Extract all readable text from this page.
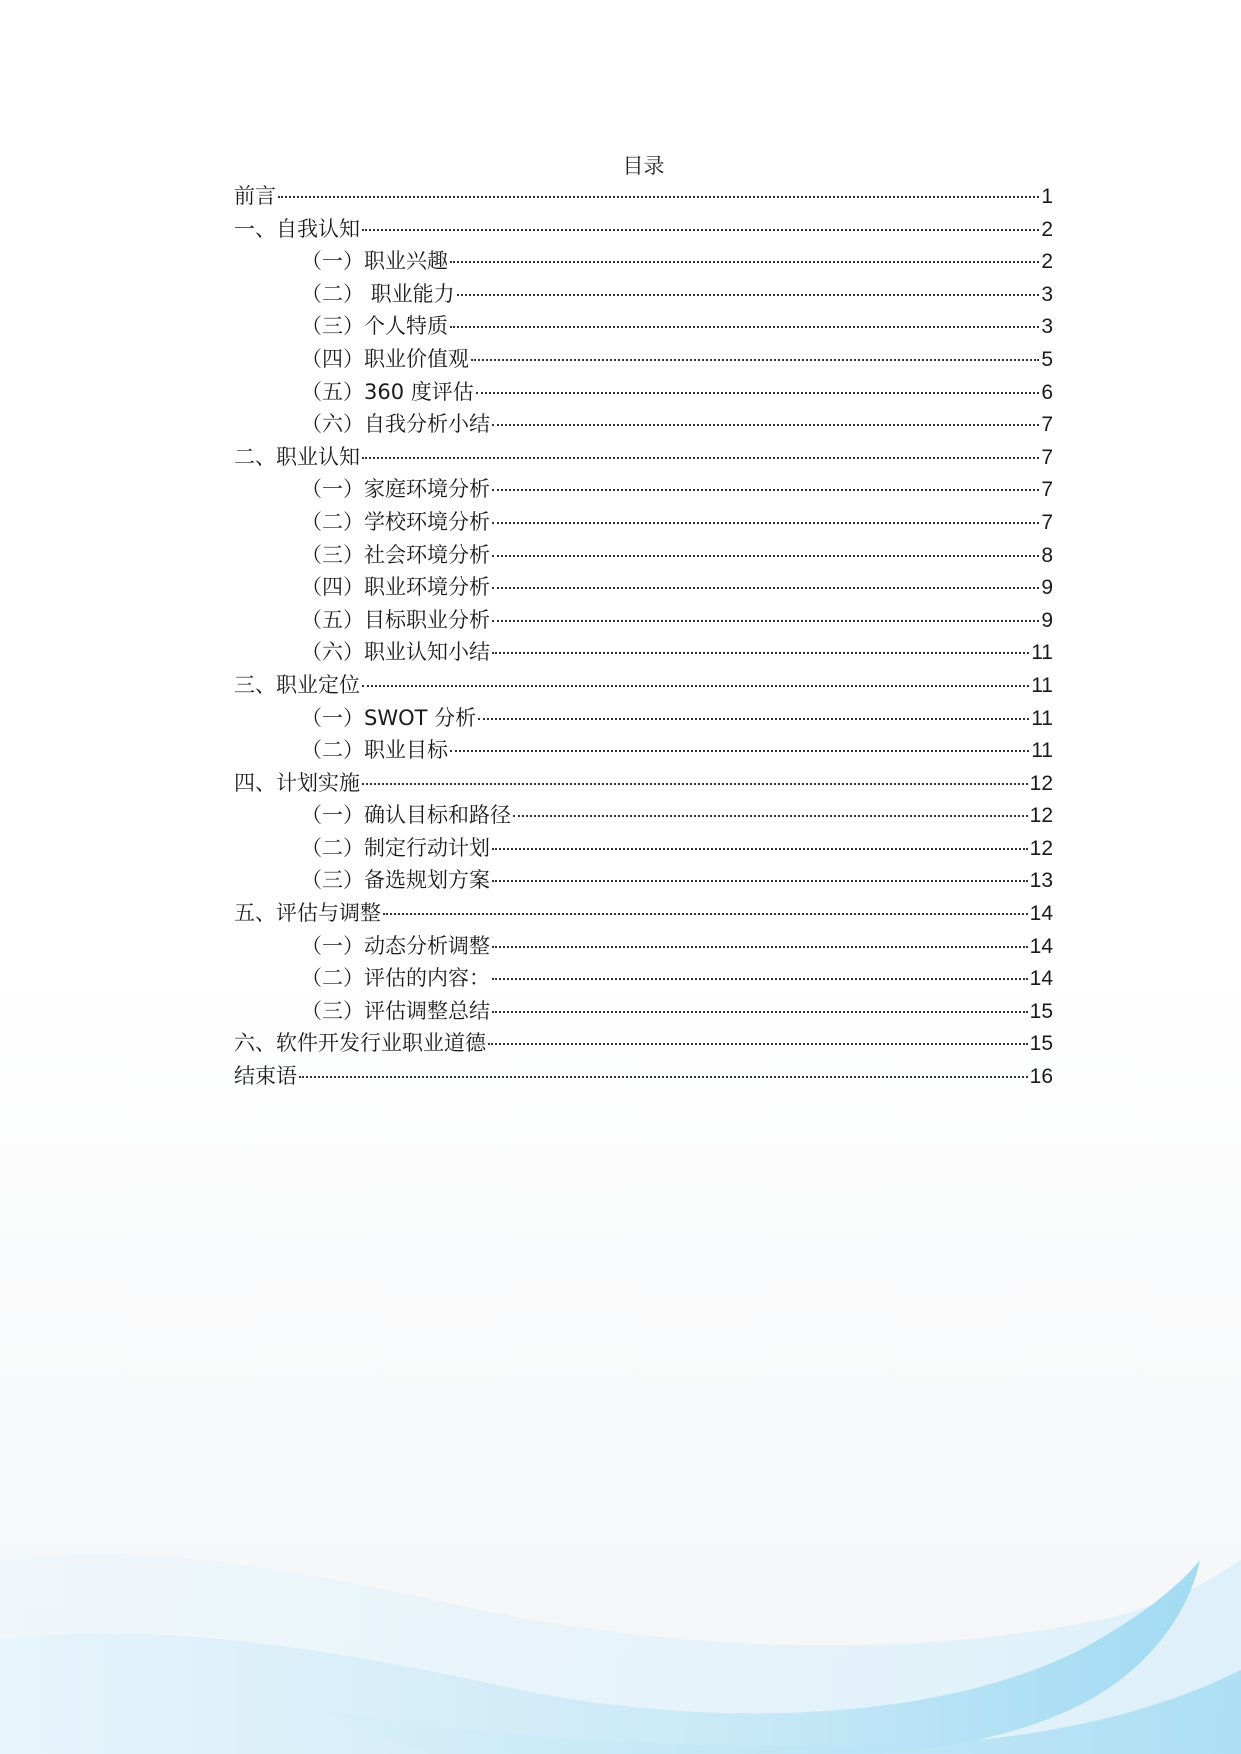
目录
前言	1
一、自我认知	2
（一）职业兴趣	2
（二） 职业能力	3
（三）个人特质	3
（四）职业价值观	5
（五）360 度评估	6
（六）自我分析小结	7
二、职业认知	7
（一）家庭环境分析	7
（二）学校环境分析	7
（三）社会环境分析	8
（四）职业环境分析	9
（五）目标职业分析	9
（六）职业认知小结	11
三、职业定位	11
（一）SWOT 分析	11
（二）职业目标	11
四、计划实施	12
（一）确认目标和路径	12
（二）制定行动计划	12
（三）备选规划方案	13
五、评估与调整	14
（一）动态分析调整	14
（二）评估的内容：	14
（三）评估调整总结	15
六、软件开发行业职业道德	15
结束语	16
